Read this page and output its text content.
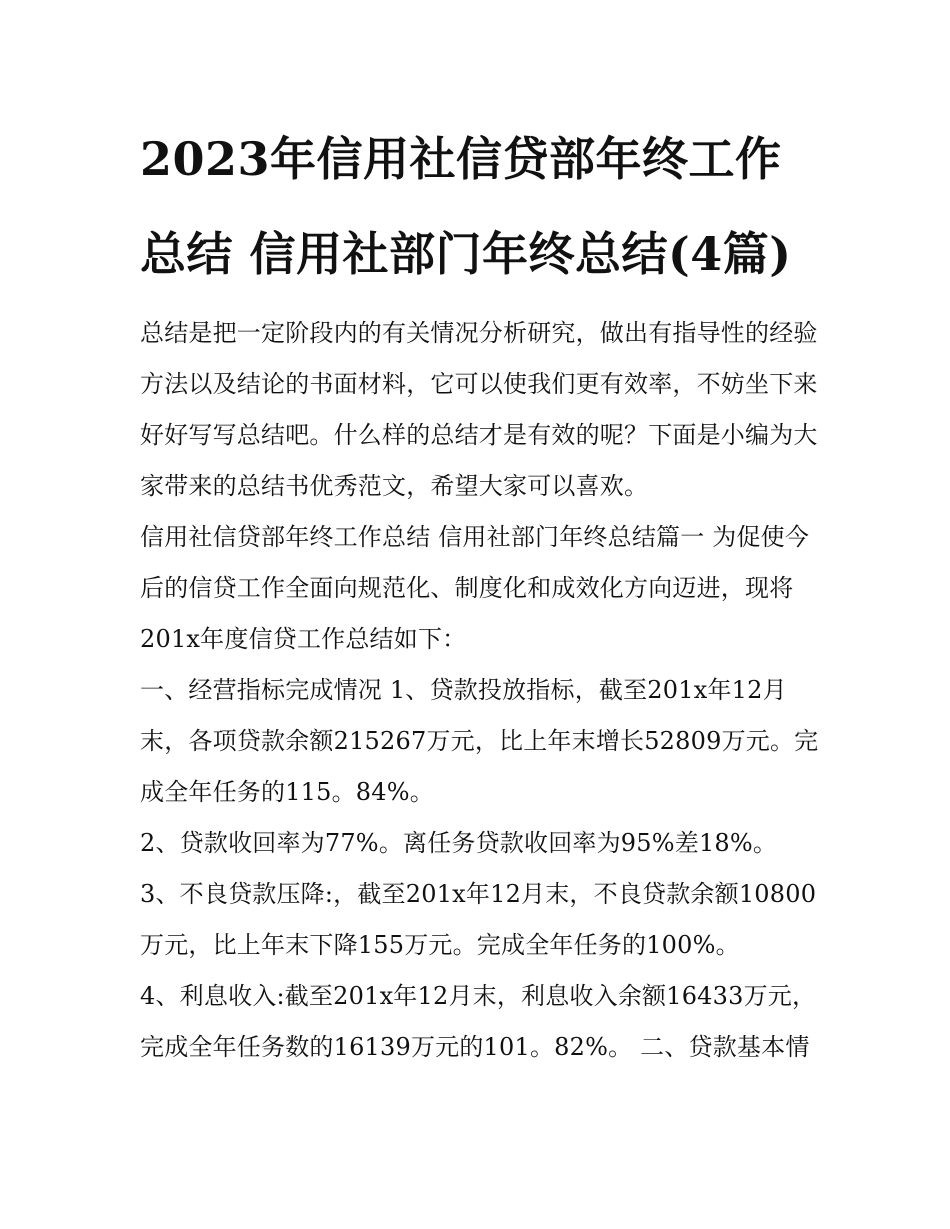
2023年信用社信贷部年终工作总结 信用社部门年终总结(4篇)

总结是把一定阶段内的有关情况分析研究，做出有指导性的经验方法以及结论的书面材料，它可以使我们更有效率，不妨坐下来好好写写总结吧。什么样的总结才是有效的呢？下面是小编为大家带来的总结书优秀范文，希望大家可以喜欢。

信用社信贷部年终工作总结 信用社部门年终总结篇一 为促使今后的信贷工作全面向规范化、制度化和成效化方向迈进，现将201x年度信贷工作总结如下：

一、经营指标完成情况 1、贷款投放指标，截至201x年12月末，各项贷款余额215267万元，比上年末增长52809万元。完成全年任务的115。84%。

2、贷款收回率为77%。离任务贷款收回率为95%差18%。

3、不良贷款压降:，截至201x年12月末，不良贷款余额10800万元，比上年末下降155万元。完成全年任务的100%。

4、利息收入:截至201x年12月末，利息收入余额16433万元，完成全年任务数的16139万元的101。82%。 二、贷款基本情
